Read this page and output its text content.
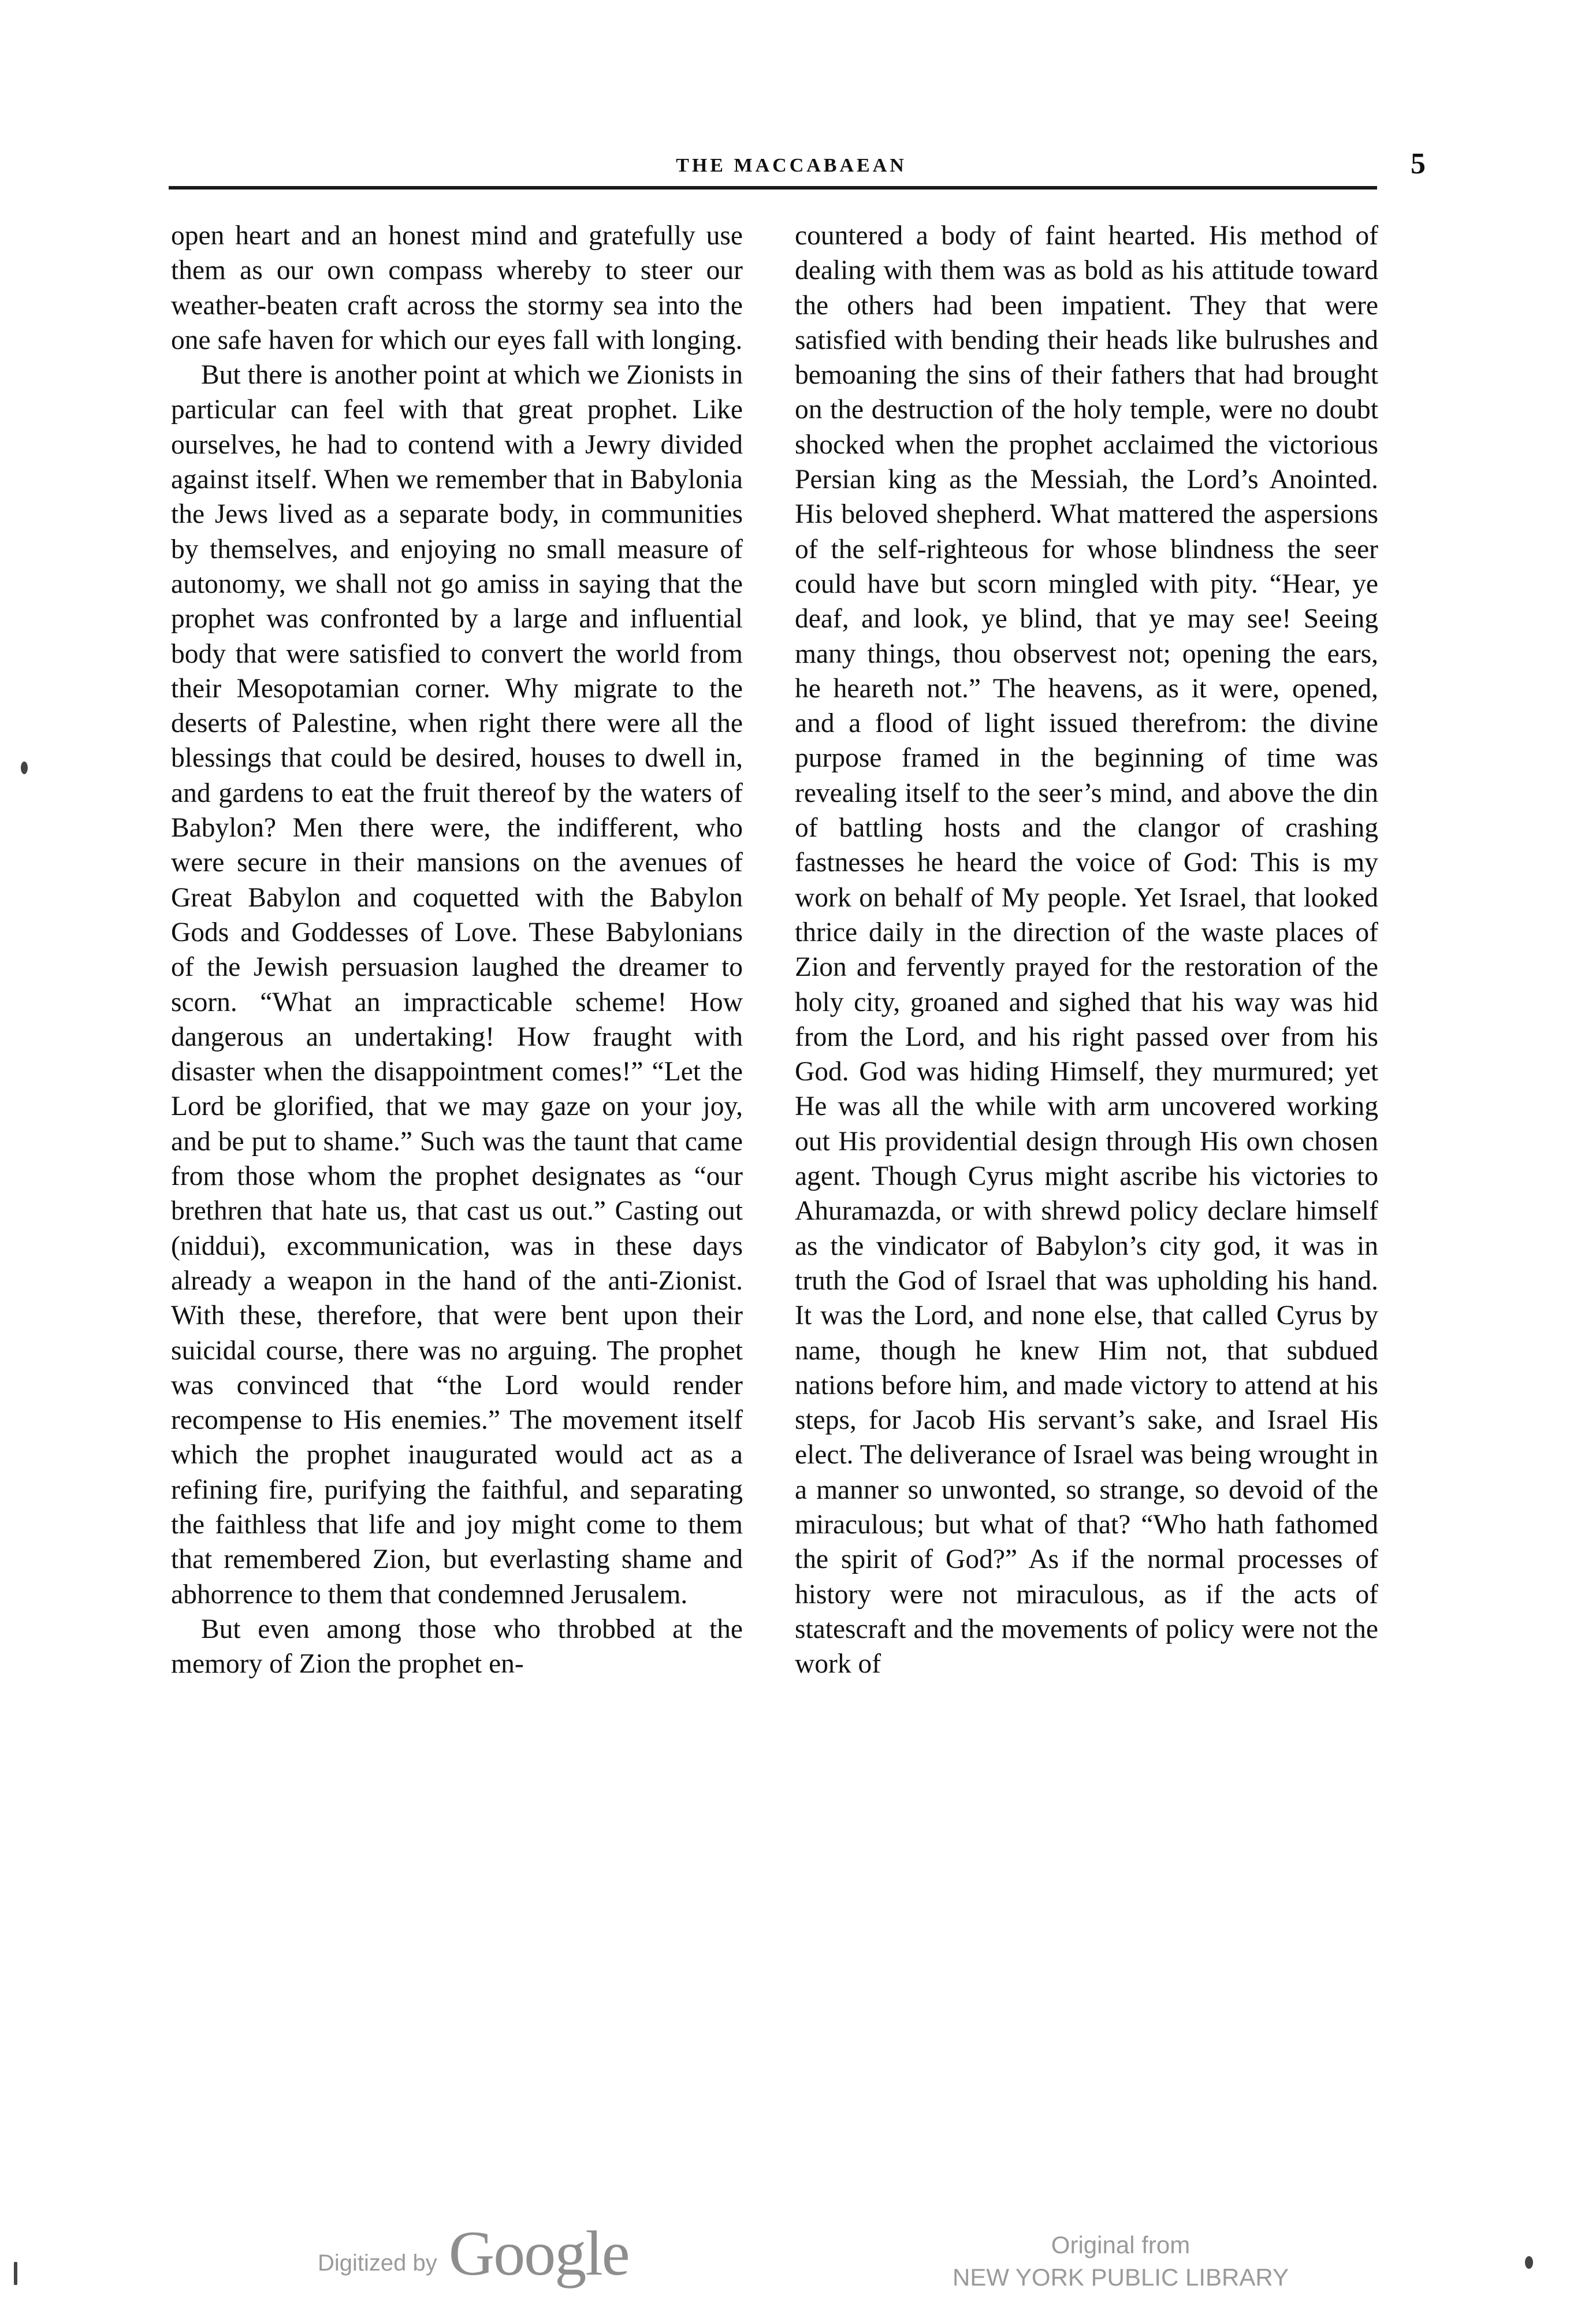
THE MACCABAEAN	5

open heart and an honest mind and gratefully use them as our own compass whereby to steer our weather-beaten craft across the stormy sea into the one safe haven for which our eyes fall with longing.

But there is another point at which we Zionists in particular can feel with that great prophet. Like ourselves, he had to contend with a Jewry divided against itself. When we remember that in Babylonia the Jews lived as a separate body, in communities by themselves, and enjoying no small measure of autonomy, we shall not go amiss in saying that the prophet was confronted by a large and influential body that were satisfied to convert the world from their Mesopotamian corner. Why migrate to the deserts of Palestine, when right there were all the blessings that could be desired, houses to dwell in, and gardens to eat the fruit thereof by the waters of Babylon? Men there were, the indifferent, who were secure in their mansions on the avenues of Great Babylon and coquetted with the Babylon Gods and Goddesses of Love. These Babylonians of the Jewish persuasion laughed the dreamer to scorn. “What an impracticable scheme! How dangerous an undertaking! How fraught with disaster when the disappointment comes!” “Let the Lord be glorified, that we may gaze on your joy, and be put to shame.” Such was the taunt that came from those whom the prophet designates as “our brethren that hate us, that cast us out.” Casting out (niddui), excommunication, was in these days already a weapon in the hand of the anti-Zionist. With these, therefore, that were bent upon their suicidal course, there was no arguing. The prophet was convinced that “the Lord would render recompense to His enemies.” The movement itself which the prophet inaugurated would act as a refining fire, purifying the faithful, and separating the faithless that life and joy might come to them that remembered Zion, but everlasting shame and abhorrence to them that condemned Jerusalem.

But even among those who throbbed at the memory of Zion the prophet en-

countered a body of faint hearted. His method of dealing with them was as bold as his attitude toward the others had been impatient. They that were satisfied with bending their heads like bulrushes and bemoaning the sins of their fathers that had brought on the destruction of the holy temple, were no doubt shocked when the prophet acclaimed the victorious Persian king as the Messiah, the Lord’s Anointed. His beloved shepherd. What mattered the aspersions of the self-righteous for whose blindness the seer could have but scorn mingled with pity. “Hear, ye deaf, and look, ye blind, that ye may see! Seeing many things, thou observest not; opening the ears, he heareth not.” The heavens, as it were, opened, and a flood of light issued therefrom: the divine purpose framed in the beginning of time was revealing itself to the seer’s mind, and above the din of battling hosts and the clangor of crashing fastnesses he heard the voice of God: This is my work on behalf of My people. Yet Israel, that looked thrice daily in the direction of the waste places of Zion and fervently prayed for the restoration of the holy city, groaned and sighed that his way was hid from the Lord, and his right passed over from his God. God was hiding Himself, they murmured; yet He was all the while with arm uncovered working out His providential design through His own chosen agent. Though Cyrus might ascribe his victories to Ahuramazda, or with shrewd policy declare himself as the vindicator of Babylon’s city god, it was in truth the God of Israel that was upholding his hand. It was the Lord, and none else, that called Cyrus by name, though he knew Him not, that subdued nations before him, and made victory to attend at his steps, for Jacob His servant’s sake, and Israel His elect. The deliverance of Israel was being wrought in a manner so unwonted, so strange, so devoid of the miraculous; but what of that? “Who hath fathomed the spirit of God?” As if the normal processes of history were not miraculous, as if the acts of statescraft and the movements of policy were not the work of

Digitized by Google	Original from
NEW YORK PUBLIC LIBRARY
